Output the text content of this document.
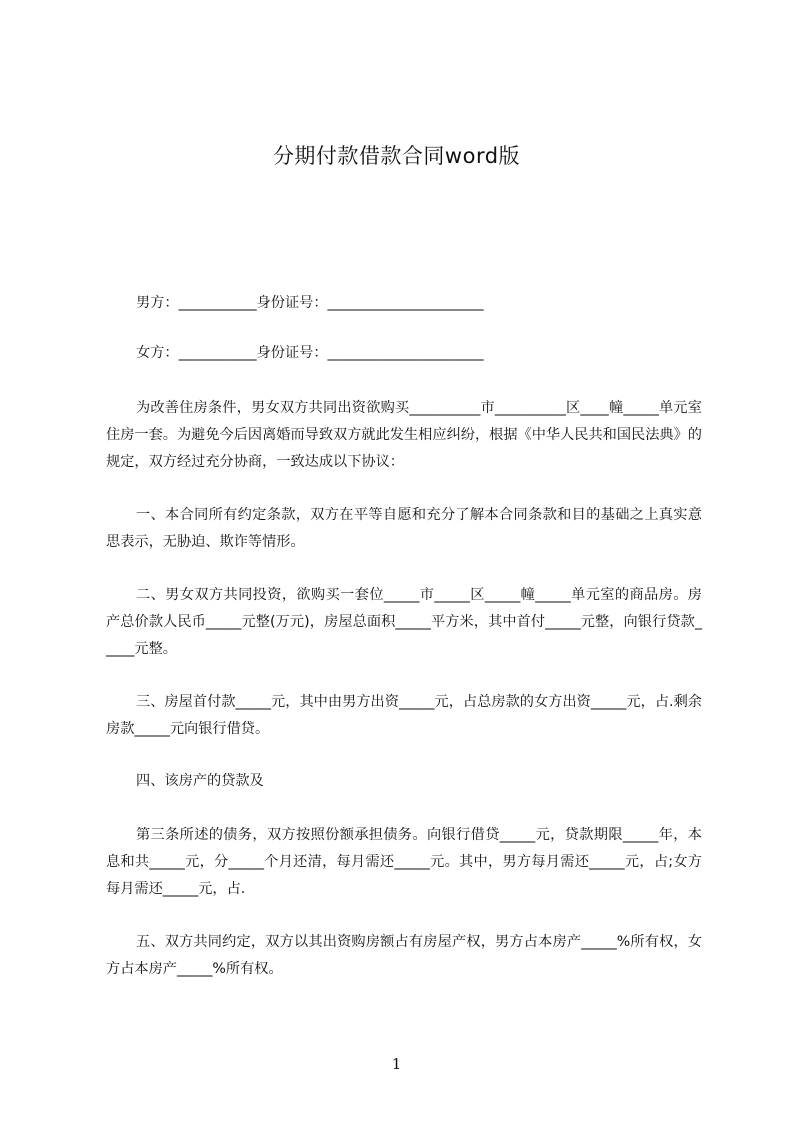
分期付款借款合同word版

男方：___________身份证号：______________________

女方：___________身份证号：______________________

为改善住房条件，男女双方共同出资欲购买__________市__________区____幢_____单元室住房一套。为避免今后因离婚而导致双方就此发生相应纠纷，根据《中华人民共和国民法典》的规定，双方经过充分协商，一致达成以下协议：

一、本合同所有约定条款，双方在平等自愿和充分了解本合同条款和目的基础之上真实意思表示，无胁迫、欺诈等情形。

二、男女双方共同投资，欲购买一套位_____市_____区_____幢_____单元室的商品房。房产总价款人民币_____元整(万元)，房屋总面积_____平方米，其中首付_____元整，向银行贷款_____元整。

三、房屋首付款_____元，其中由男方出资_____元，占总房款的女方出资_____元，占.剩余房款_____元向银行借贷。

四、该房产的贷款及

第三条所述的债务，双方按照份额承担债务。向银行借贷_____元，贷款期限_____年，本息和共_____元，分_____个月还清，每月需还_____元。其中，男方每月需还_____元，占;女方每月需还_____元，占.

五、双方共同约定，双方以其出资购房额占有房屋产权，男方占本房产_____%所有权，女方占本房产_____%所有权。

1
